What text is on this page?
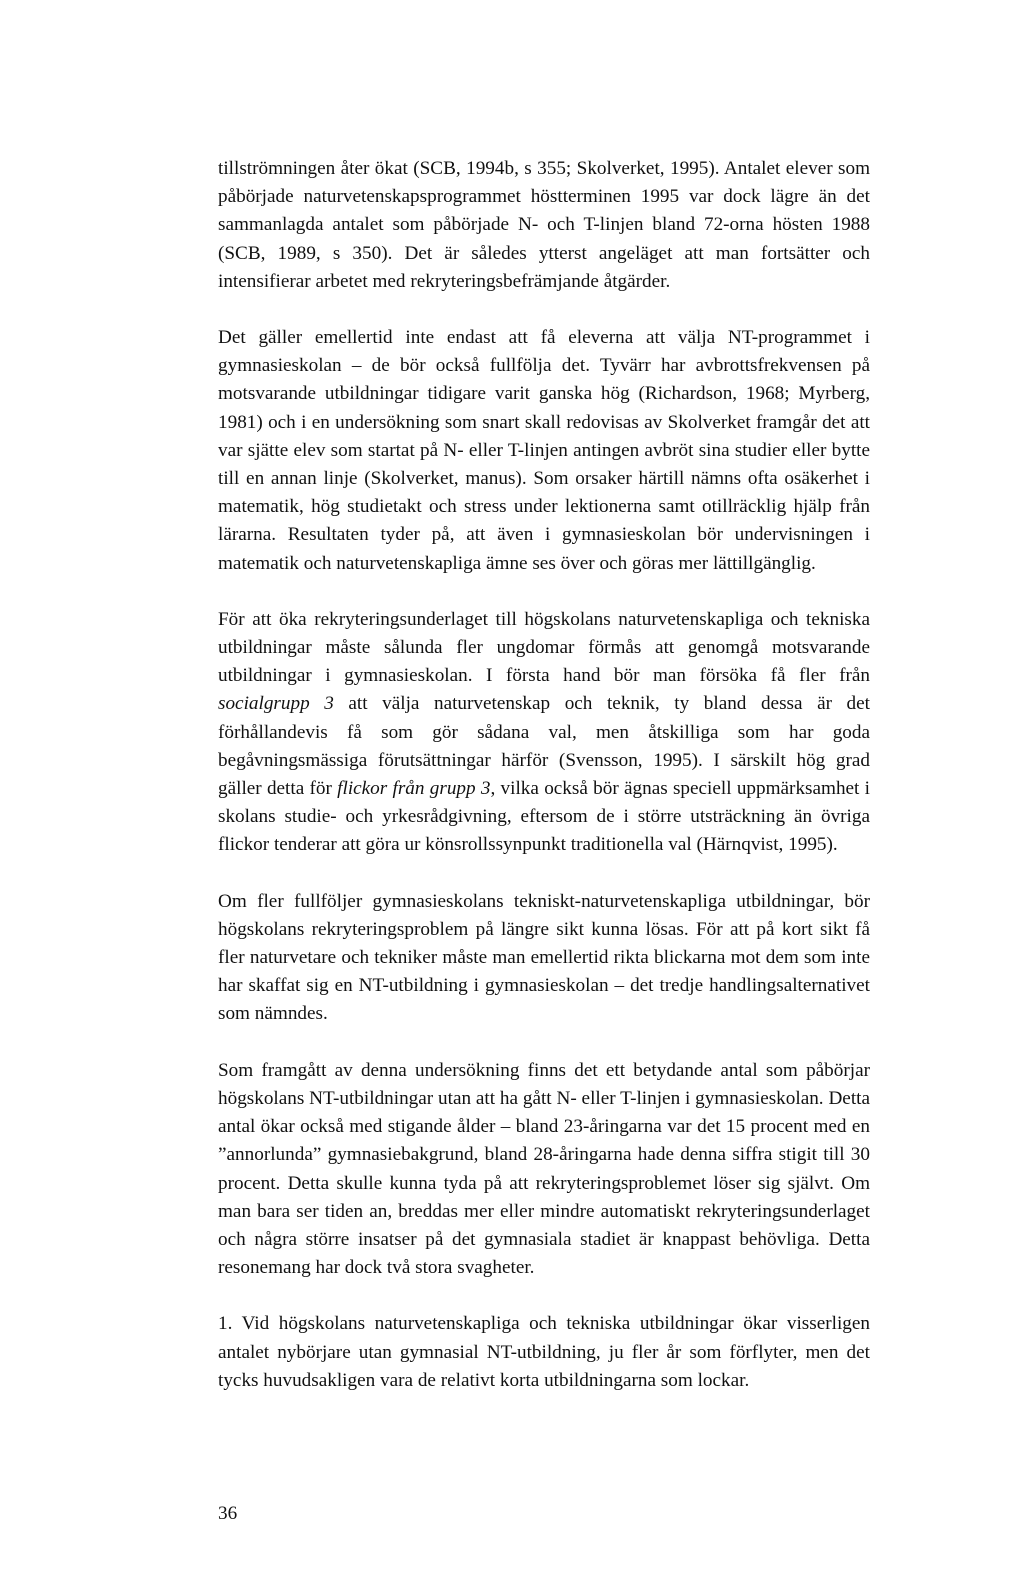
tillströmningen åter ökat (SCB, 1994b, s 355; Skolverket, 1995). Antalet elever som påbörjade naturvetenskapsprogrammet höstterminen 1995 var dock lägre än det sammanlagda antalet som påbörjade N- och T-linjen bland 72-orna hösten 1988 (SCB, 1989, s 350). Det är således ytterst angeläget att man fortsätter och intensifierar arbetet med rekryteringsbefrämjande åtgärder.

Det gäller emellertid inte endast att få eleverna att välja NT-programmet i gymnasieskolan – de bör också fullfölja det. Tyvärr har avbrottsfrekvensen på motsvarande utbildningar tidigare varit ganska hög (Richardson, 1968; Myrberg, 1981) och i en undersökning som snart skall redovisas av Skolverket framgår det att var sjätte elev som startat på N- eller T-linjen antingen avbröt sina studier eller bytte till en annan linje (Skolverket, manus). Som orsaker härtill nämns ofta osäkerhet i matematik, hög studietakt och stress under lektionerna samt otillräcklig hjälp från lärarna. Resultaten tyder på, att även i gymnasieskolan bör undervisningen i matematik och naturvetenskapliga ämne ses över och göras mer lättillgänglig.

För att öka rekryteringsunderlaget till högskolans naturvetenskapliga och tekniska utbildningar måste sålunda fler ungdomar förmås att genomgå motsvarande utbildningar i gymnasieskolan. I första hand bör man försöka få fler från socialgrupp 3 att välja naturvetenskap och teknik, ty bland dessa är det förhållandevis få som gör sådana val, men åtskilliga som har goda begåvningsmässiga förutsättningar härför (Svensson, 1995). I särskilt hög grad gäller detta för flickor från grupp 3, vilka också bör ägnas speciell uppmärksamhet i skolans studie- och yrkesrådgivning, eftersom de i större utsträckning än övriga flickor tenderar att göra ur könsrollssynpunkt traditionella val (Härnqvist, 1995).

Om fler fullföljer gymnasieskolans tekniskt-naturvetenskapliga utbildningar, bör högskolans rekryteringsproblem på längre sikt kunna lösas. För att på kort sikt få fler naturvetare och tekniker måste man emellertid rikta blickarna mot dem som inte har skaffat sig en NT-utbildning i gymnasieskolan – det tredje handlingsalternativet som nämndes.

Som framgått av denna undersökning finns det ett betydande antal som påbörjar högskolans NT-utbildningar utan att ha gått N- eller T-linjen i gymnasieskolan. Detta antal ökar också med stigande ålder – bland 23-åringarna var det 15 procent med en ”annorlunda” gymnasiebakgrund, bland 28-åringarna hade denna siffra stigit till 30 procent. Detta skulle kunna tyda på att rekryteringsproblemet löser sig självt. Om man bara ser tiden an, breddas mer eller mindre automatiskt rekryteringsunderlaget och några större insatser på det gymnasiala stadiet är knappast behövliga. Detta resonemang har dock två stora svagheter.

1. Vid högskolans naturvetenskapliga och tekniska utbildningar ökar visserligen antalet nybörjare utan gymnasial NT-utbildning, ju fler år som förflyter, men det tycks huvudsakligen vara de relativt korta utbildningarna som lockar.

36
